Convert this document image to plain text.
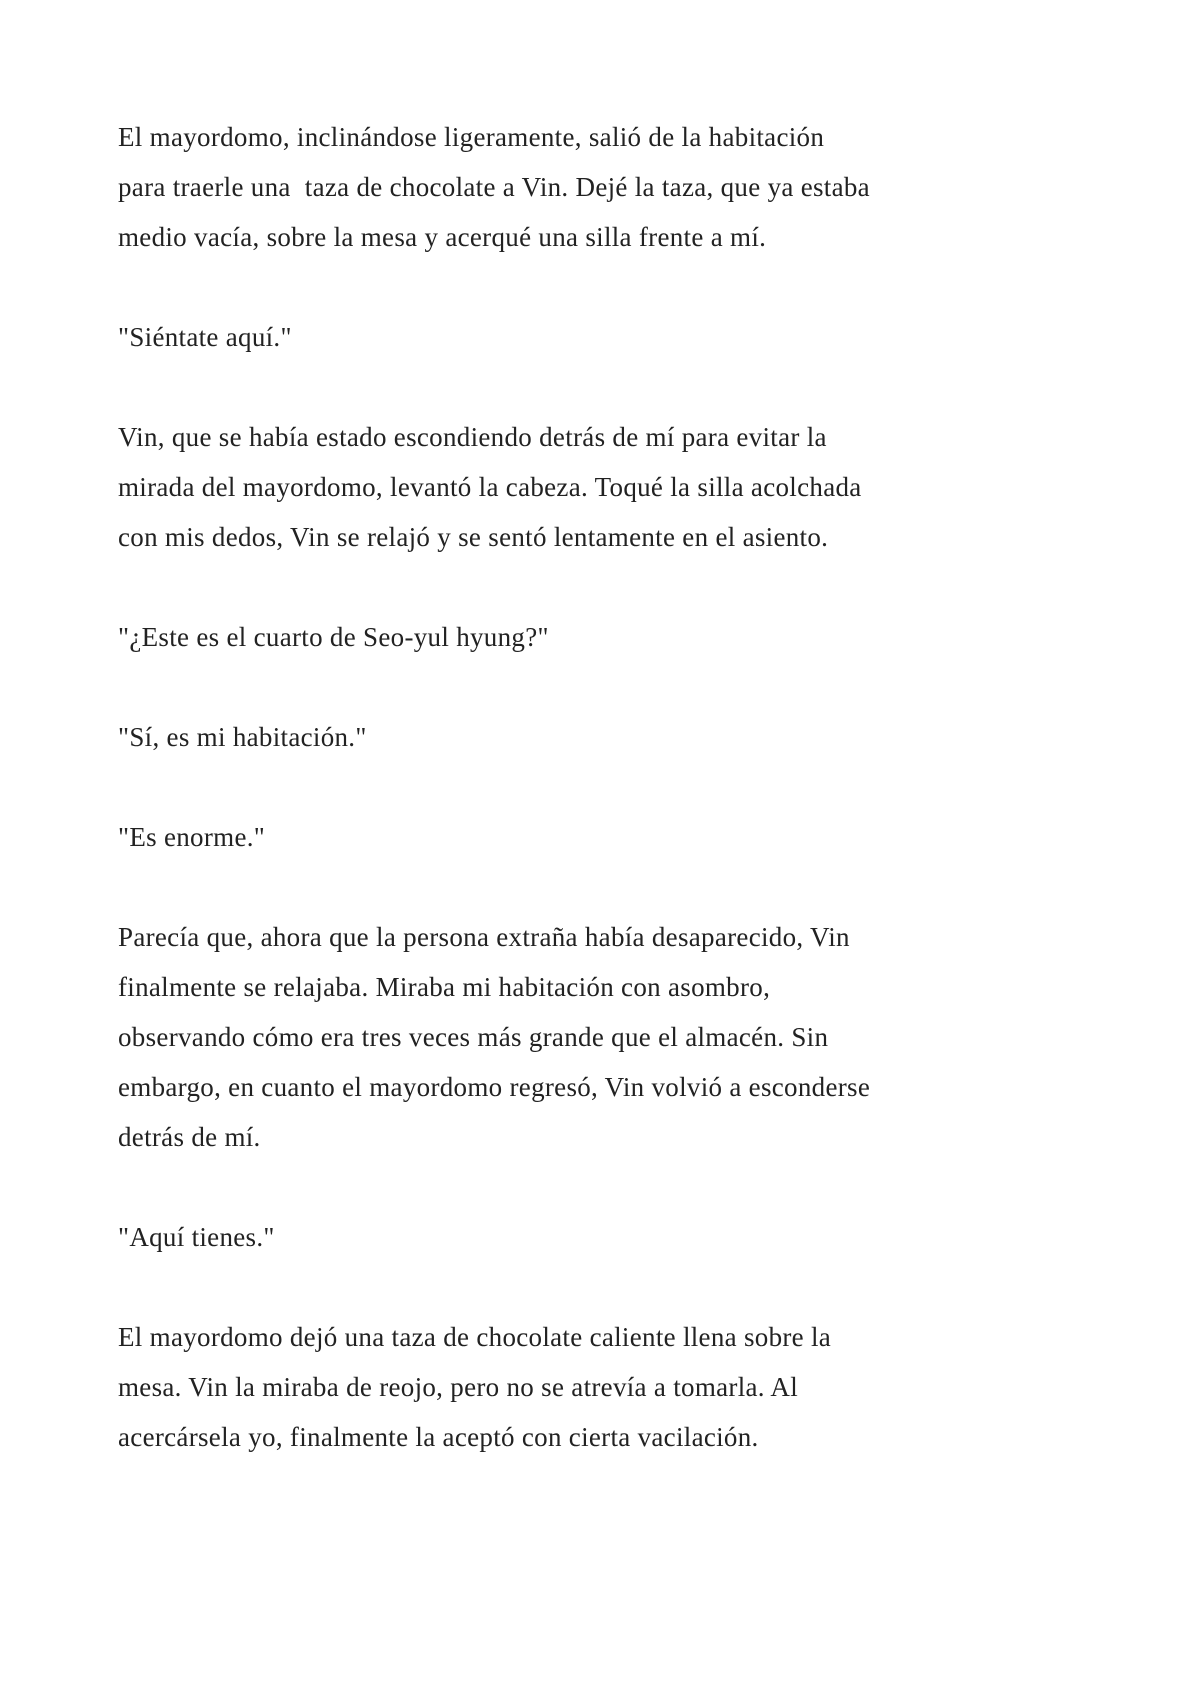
El mayordomo, inclinándose ligeramente, salió de la habitación
para traerle una  taza de chocolate a Vin. Dejé la taza, que ya estaba
medio vacía, sobre la mesa y acerqué una silla frente a mí.

"Siéntate aquí."

Vin, que se había estado escondiendo detrás de mí para evitar la
mirada del mayordomo, levantó la cabeza. Toqué la silla acolchada
con mis dedos, Vin se relajó y se sentó lentamente en el asiento.

"¿Este es el cuarto de Seo-yul hyung?"

"Sí, es mi habitación."

"Es enorme."

Parecía que, ahora que la persona extraña había desaparecido, Vin
finalmente se relajaba. Miraba mi habitación con asombro,
observando cómo era tres veces más grande que el almacén. Sin
embargo, en cuanto el mayordomo regresó, Vin volvió a esconderse
detrás de mí.

"Aquí tienes."

El mayordomo dejó una taza de chocolate caliente llena sobre la
mesa. Vin la miraba de reojo, pero no se atrevía a tomarla. Al
acercársela yo, finalmente la aceptó con cierta vacilación.
